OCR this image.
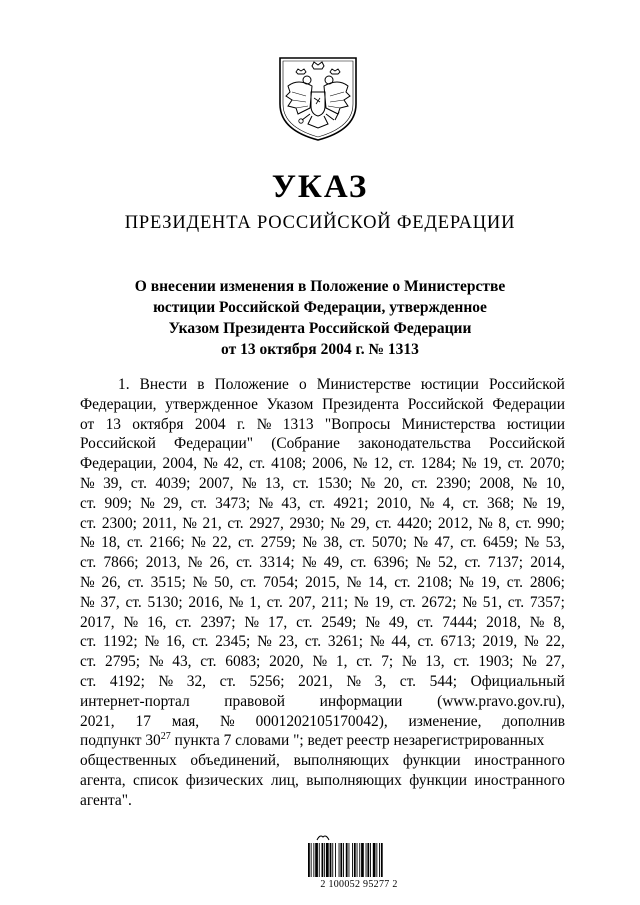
УКАЗ
ПРЕЗИДЕНТА РОССИЙСКОЙ ФЕДЕРАЦИИ
О внесении изменения в Положение о Министерстве
юстиции Российской Федерации, утвержденное
Указом Президента Российской Федерации
от 13 октября 2004 г. № 1313
1. Внести в Положение о Министерстве юстиции Российской
Федерации, утвержденное Указом Президента Российской Федерации
от 13 октября 2004 г. № 1313 "Вопросы Министерства юстиции
Российской Федерации" (Собрание законодательства Российской
Федерации, 2004, № 42, ст. 4108; 2006, № 12, ст. 1284; № 19, ст. 2070;
№ 39, ст. 4039; 2007, № 13, ст. 1530; № 20, ст. 2390; 2008, № 10,
ст. 909; № 29, ст. 3473; № 43, ст. 4921; 2010, № 4, ст. 368; № 19,
ст. 2300; 2011, № 21, ст. 2927, 2930; № 29, ст. 4420; 2012, № 8, ст. 990;
№ 18, ст. 2166; № 22, ст. 2759; № 38, ст. 5070; № 47, ст. 6459; № 53,
ст. 7866; 2013, № 26, ст. 3314; № 49, ст. 6396; № 52, ст. 7137; 2014,
№ 26, ст. 3515; № 50, ст. 7054; 2015, № 14, ст. 2108; № 19, ст. 2806;
№ 37, ст. 5130; 2016, № 1, ст. 207, 211; № 19, ст. 2672; № 51, ст. 7357;
2017, № 16, ст. 2397; № 17, ст. 2549; № 49, ст. 7444; 2018, № 8,
ст. 1192; № 16, ст. 2345; № 23, ст. 3261; № 44, ст. 6713; 2019, № 22,
ст. 2795; № 43, ст. 6083; 2020, № 1, ст. 7; № 13, ст. 1903; № 27,
ст. 4192; № 32, ст. 5256; 2021, № 3, ст. 544; Официальный
интернет-портал правовой информации (www.pravo.gov.ru),
2021, 17 мая, № 0001202105170042), изменение, дополнив
подпункт $30^{27}$ пункта 7 словами "; ведет реестр незарегистрированных
общественных объединений, выполняющих функции иностранного
агента, список физических лиц, выполняющих функции иностранного
агента".
2 100052 95277 2
